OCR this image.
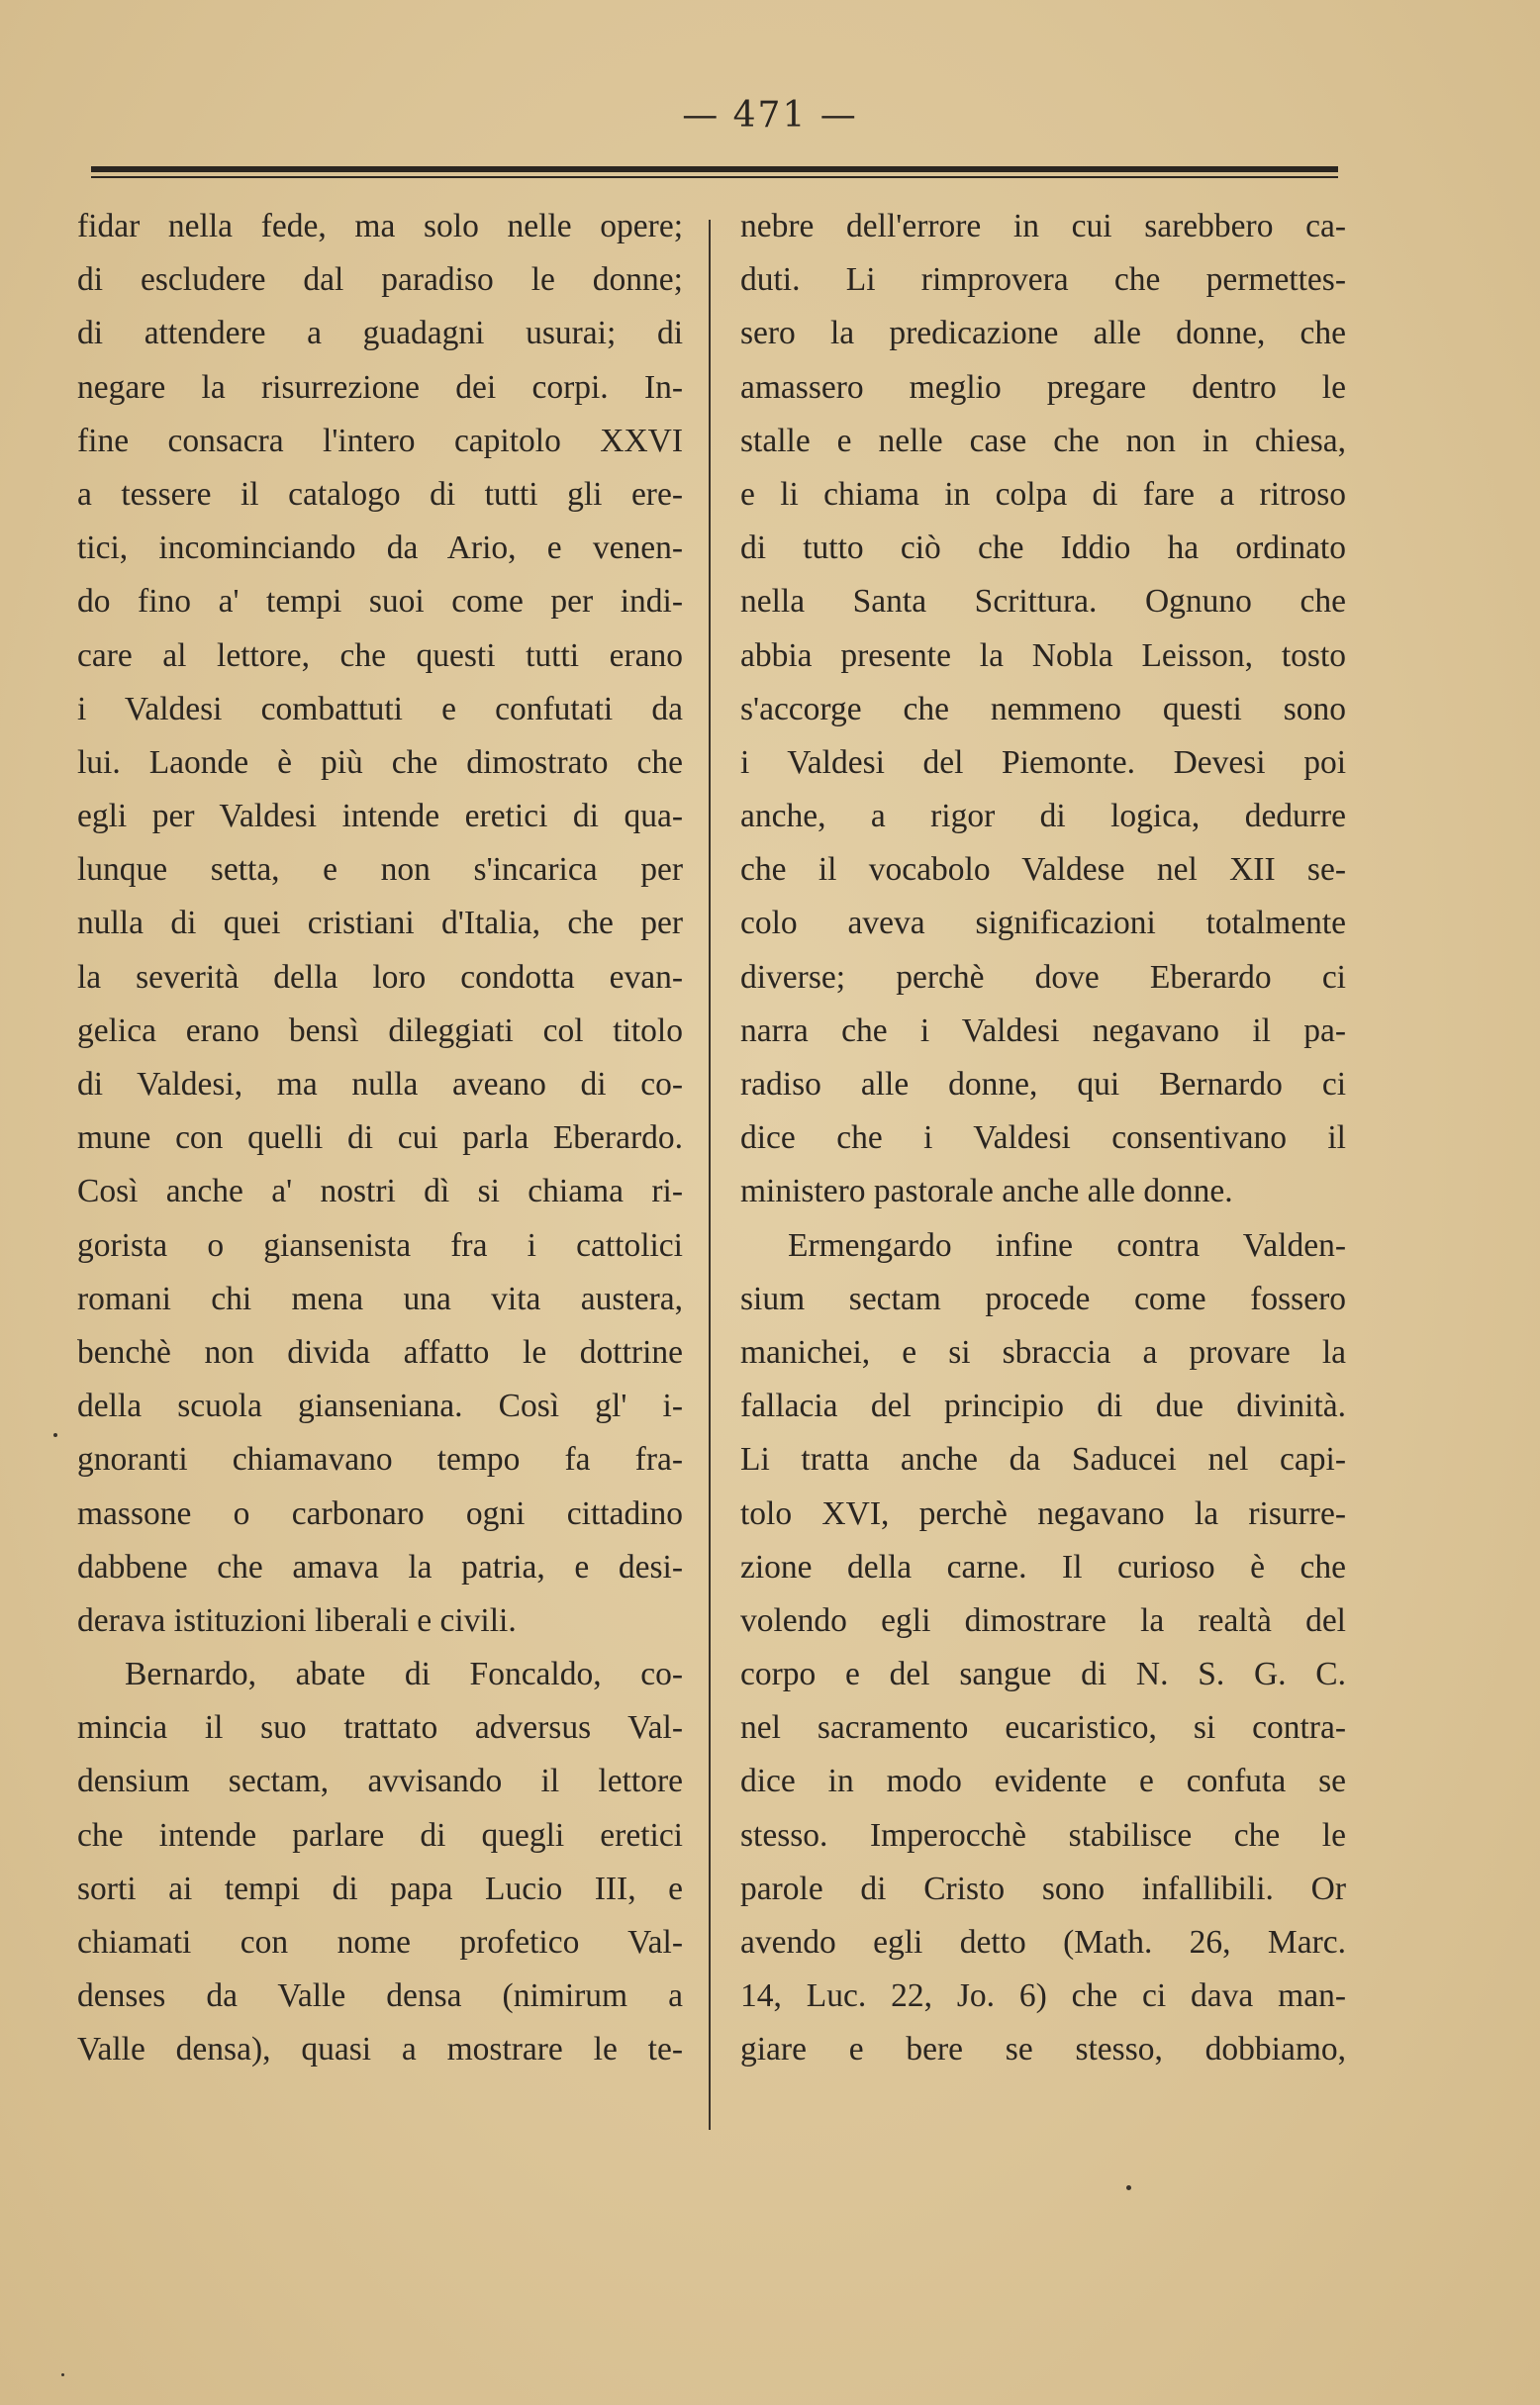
— 471 —
fidar nella fede, ma solo nelle opere;
di escludere dal paradiso le donne;
di attendere a guadagni usurai; di
negare la risurrezione dei corpi. In-
fine consacra l'intero capitolo XXVI
a tessere il catalogo di tutti gli ere-
tici, incominciando da Ario, e venen-
do fino a' tempi suoi come per indi-
care al lettore, che questi tutti erano
i Valdesi combattuti e confutati da
lui. Laonde è più che dimostrato che
egli per Valdesi intende eretici di qua-
lunque setta, e non s'incarica per
nulla di quei cristiani d'Italia, che per
la severità della loro condotta evan-
gelica erano bensì dileggiati col titolo
di Valdesi, ma nulla aveano di co-
mune con quelli di cui parla Eberardo.
Così anche a' nostri dì si chiama ri-
gorista o giansenista fra i cattolici
romani chi mena una vita austera,
benchè non divida affatto le dottrine
della scuola gianseniana. Così gl' i-
gnoranti chiamavano tempo fa fra-
massone o carbonaro ogni cittadino
dabbene che amava la patria, e desi-
derava istituzioni liberali e civili.
Bernardo, abate di Foncaldo, co-
mincia il suo trattato adversus Val-
densium sectam, avvisando il lettore
che intende parlare di quegli eretici
sorti ai tempi di papa Lucio III, e
chiamati con nome profetico Val-
denses da Valle densa (nimirum a
Valle densa), quasi a mostrare le te-
nebre dell'errore in cui sarebbero ca-
duti. Li rimprovera che permettes-
sero la predicazione alle donne, che
amassero meglio pregare dentro le
stalle e nelle case che non in chiesa,
e li chiama in colpa di fare a ritroso
di tutto ciò che Iddio ha ordinato
nella Santa Scrittura. Ognuno che
abbia presente la Nobla Leisson, tosto
s'accorge che nemmeno questi sono
i Valdesi del Piemonte. Devesi poi
anche, a rigor di logica, dedurre
che il vocabolo Valdese nel XII se-
colo aveva significazioni totalmente
diverse; perchè dove Eberardo ci
narra che i Valdesi negavano il pa-
radiso alle donne, qui Bernardo ci
dice che i Valdesi consentivano il
ministero pastorale anche alle donne.
Ermengardo infine contra Valden-
sium sectam procede come fossero
manichei, e si sbraccia a provare la
fallacia del principio di due divinità.
Li tratta anche da Saducei nel capi-
tolo XVI, perchè negavano la risurre-
zione della carne. Il curioso è che
volendo egli dimostrare la realtà del
corpo e del sangue di N. S. G. C.
nel sacramento eucaristico, si contra-
dice in modo evidente e confuta se
stesso. Imperocchè stabilisce che le
parole di Cristo sono infallibili. Or
avendo egli detto (Math. 26, Marc.
14, Luc. 22, Jo. 6) che ci dava man-
giare e bere se stesso, dobbiamo,
